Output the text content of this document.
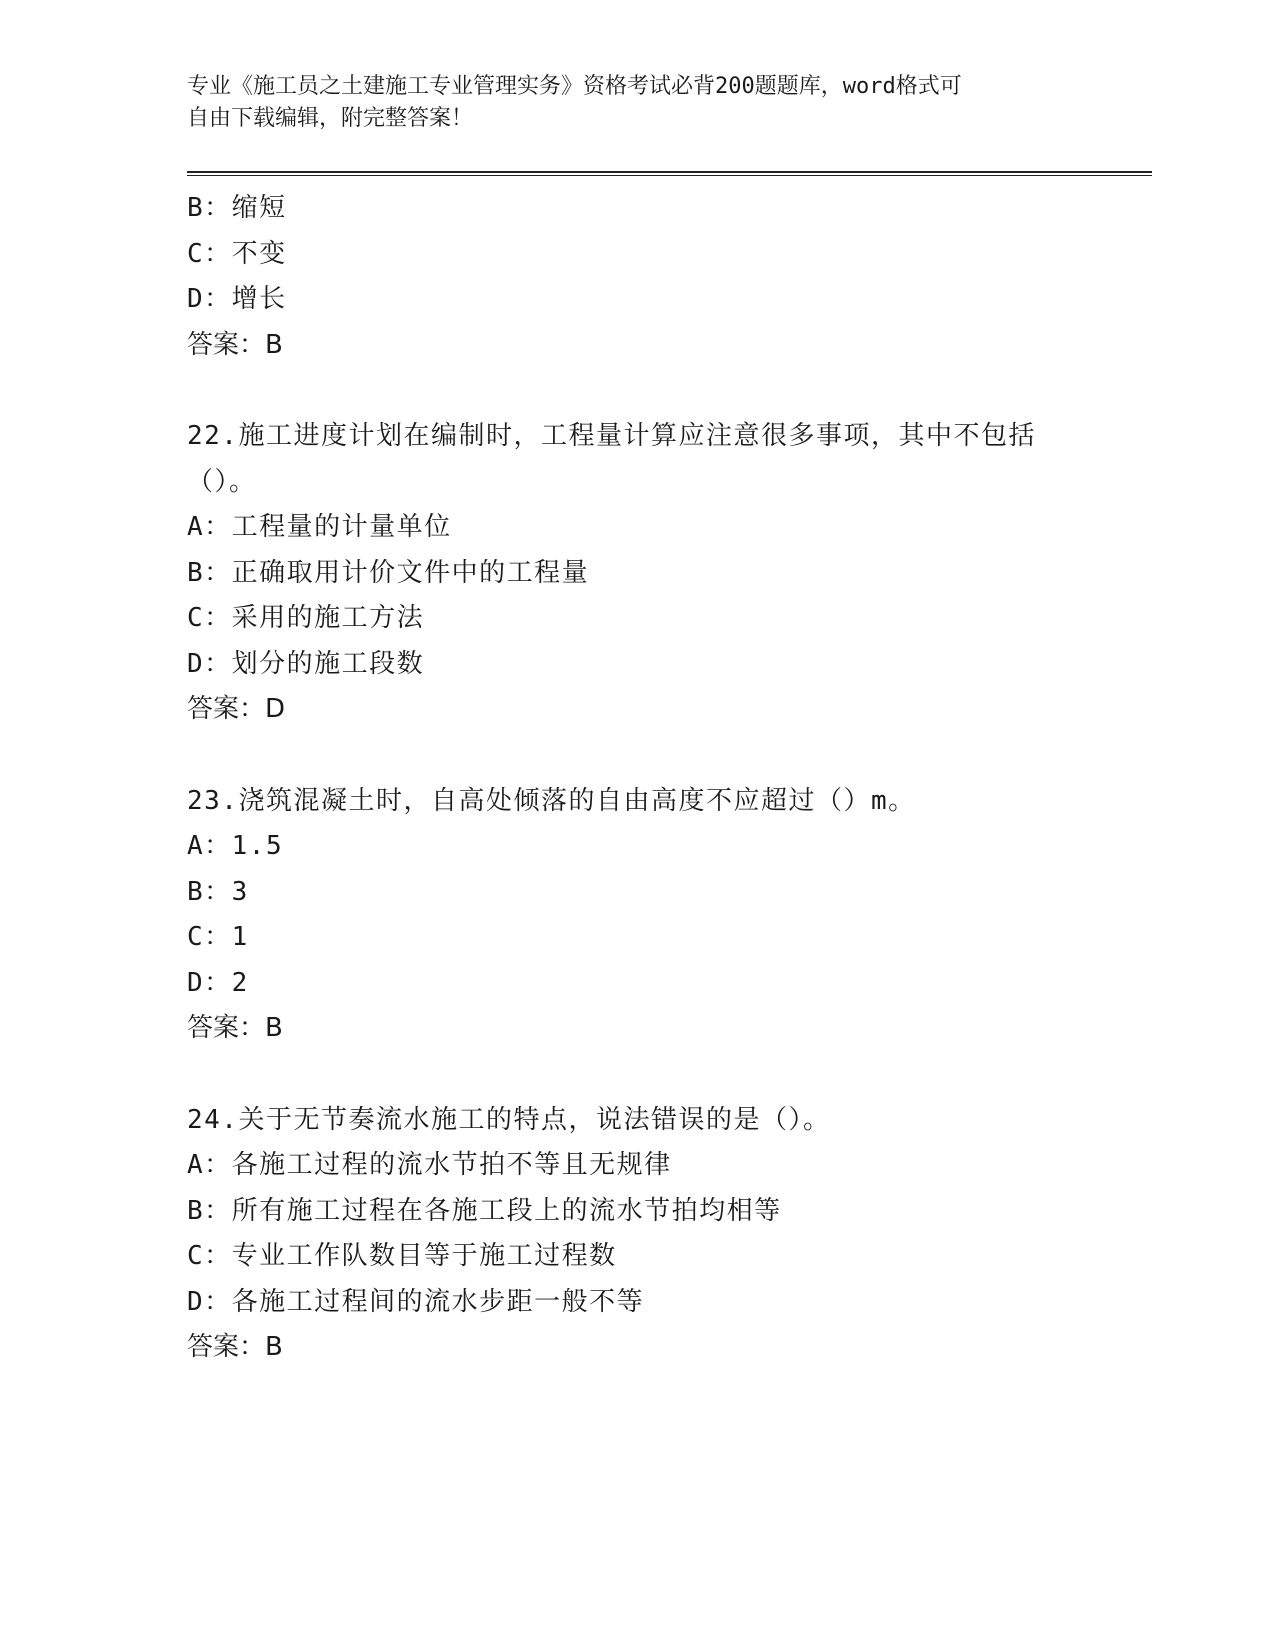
专业《施工员之土建施工专业管理实务》资格考试必背200题题库，word格式可
自由下载编辑，附完整答案！
B：缩短
C：不变
D：增长
答案：B
22.施工进度计划在编制时，工程量计算应注意很多事项，其中不包括
（）。
A：工程量的计量单位
B：正确取用计价文件中的工程量
C：采用的施工方法
D：划分的施工段数
答案：D
23.浇筑混凝土时，自高处倾落的自由高度不应超过（）m。
A：1.5
B：3
C：1
D：2
答案：B
24.关于无节奏流水施工的特点，说法错误的是（）。
A：各施工过程的流水节拍不等且无规律
B：所有施工过程在各施工段上的流水节拍均相等
C：专业工作队数目等于施工过程数
D：各施工过程间的流水步距一般不等
答案：B
